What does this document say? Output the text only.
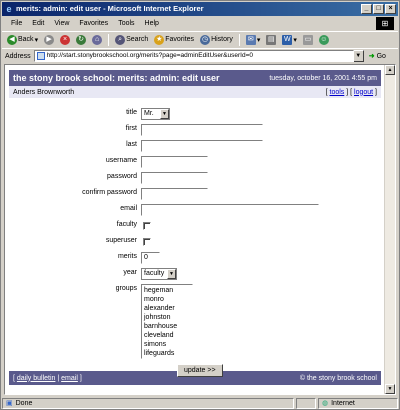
e merits: admin: edit user - Microsoft Internet Explorer	_	□	×
File	Edit	View	Favorites	Tools	Help	⊞
◀ Back ▾	▶	×	↻	⌂	⌕ Search ★ Favorites ◷ History ✉ ▾ ▤ W ▾ ▭ ☺
Address	http://start.stonybrookschool.org/merits?page=adminEditUser&userId=0	▼	➜ Go
the stony brook school: merits: admin: edit user	tuesday, october 16, 2001 4:55 pm
Anders Brownworth	[ tools ] [ logout ]
title Mr.	▼
first
last
username
password
confirm password
email
faculty
superuser
merits	0
year faculty ▼
groups hegeman
monro
alexander
johnston
barnhouse
cleveland
simons
lifeguards
update >>
[ daily bulletin | email ]	© the stony brook school
▲
▼
▣ Done	◍ Internet
